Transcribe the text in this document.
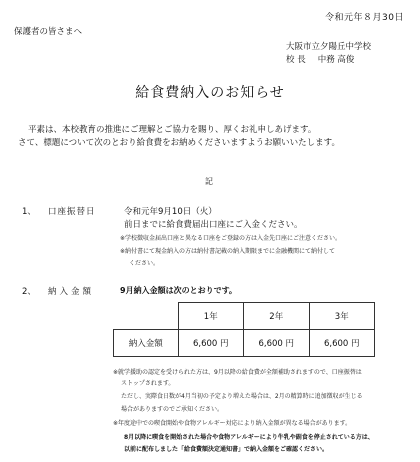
令和元年８月30日
保護者の皆さまへ
大阪市立夕陽丘中学校
校 長 中務 高俊
給食費納入のお知らせ
平素は、本校教育の推進にご理解とご協力を賜り、厚くお礼申しあげます。
さて、標題について次のとおり給食費をお納めくださいますようお願いいたします。
記
1、 口座振替日	令和元年9月10日（火）
前日までに給食費届出口座にご入金ください。
※学校徴収金届出口座と異なる口座をご登録の方は入金先口座にご注意ください。
※納付書にて現金納入の方は納付書記載の納入期限までに金融機関にて納付して
ください。
2、 納入金額	9月納入金額は次のとおりです。
	1年	2年	3年
納入金額	6,600 円	6,600 円	6,600 円
※就学援助の認定を受けられた方は、9月以降の給食費が全額補助されますので、口座振替は
ストップされます。
ただし、実際食日数が4月当初の予定より増えた場合は、2月の精算時に追加徴収が生じる
場合がありますのでご承知ください。
※年度途中での喫食開始や食物アレルギー対応により納入金額が異なる場合があります。
8月以降に喫食を開始された場合や食物アレルギーにより牛乳や副食を停止されている方は、
以前に配布しました「給食費額決定通知書」で納入金額をご確認ください。
